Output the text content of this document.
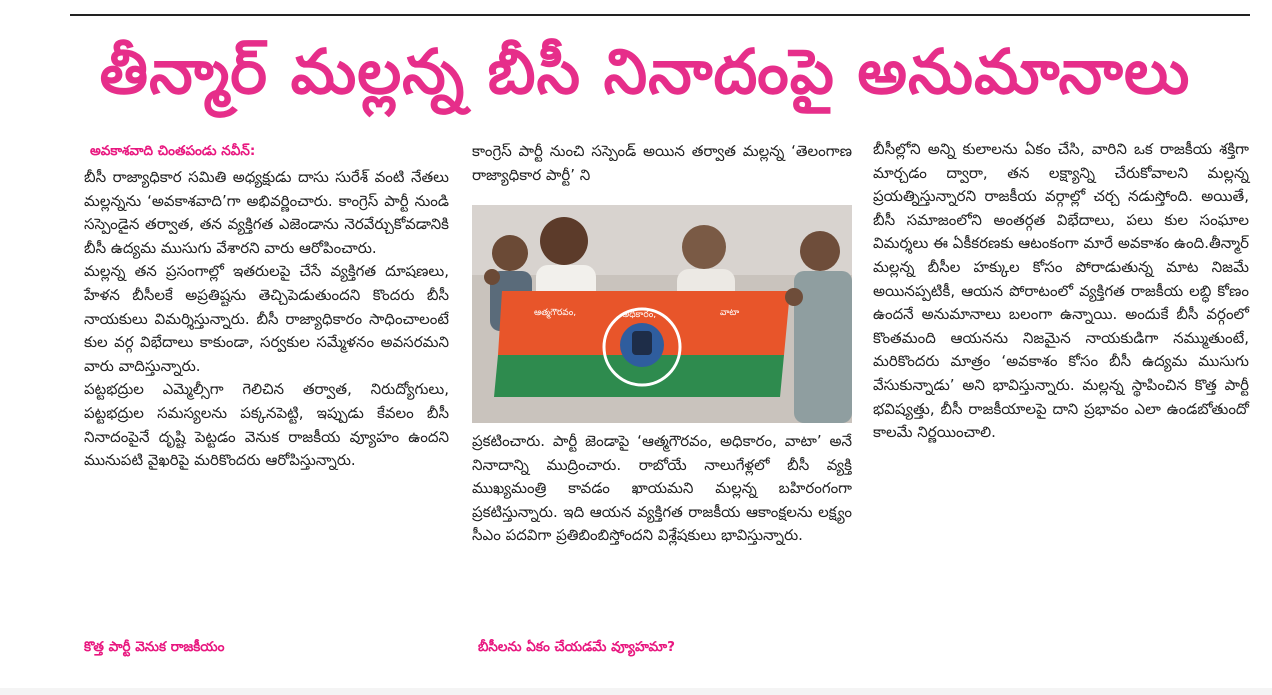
తీన్మార్ మల్లన్న బీసీ నినాదంపై అనుమానాలు
అవకాశవాది చింతపండు నవీన్:

బీసీ రాజ్యాధికార సమితి అధ్యక్షుడు దాసు సురేశ్ వంటి నేతలు మల్లన్నను ‘అవకాశవాది’గా అభివర్ణించారు. కాంగ్రెస్ పార్టీ నుండి సస్పెండైన తర్వాత, తన వ్యక్తిగత ఎజెండాను నెరవేర్చుకోవడానికి బీసీ ఉద్యమ ముసుగు వేశారని వారు ఆరోపించారు.

మల్లన్న తన ప్రసంగాల్లో ఇతరులపై చేసే వ్యక్తిగత దూషణలు, హేళన బీసీలకే అప్రతిష్టను తెచ్చిపెడుతుందని కొందరు బీసీ నాయకులు విమర్శిస్తున్నారు. బీసీ రాజ్యాధికారం సాధించాలంటే కుల వర్గ విభేదాలు కాకుండా, సర్వకుల సమ్మేళనం అవసరమని వారు వాదిస్తున్నారు.

పట్టభద్రుల ఎమ్మెల్సీగా గెలిచిన తర్వాత, నిరుద్యోగులు, పట్టభద్రుల సమస్యలను పక్కనపెట్టి, ఇప్పుడు కేవలం బీసీ నినాదంపైనే దృష్టి పెట్టడం వెనుక రాజకీయ వ్యూహం ఉందని మునుపటి వైఖరిపై మరికొందరు ఆరోపిస్తున్నారు.

కొత్త పార్టీ వెనుక రాజకీయం

కాంగ్రెస్ పార్టీ నుంచి సస్పెండ్ అయిన తర్వాత మల్లన్న ‘తెలంగాణ రాజ్యాధికార పార్టీ’ ని

ప్రకటించారు. పార్టీ జెండాపై ‘ఆత్మగౌరవం, అధికారం, వాటా’ అనే నినాదాన్ని ముద్రించారు. రాబోయే నాలుగేళ్లలో బీసీ వ్యక్తి ముఖ్యమంత్రి కావడం ఖాయమని మల్లన్న బహిరంగంగా ప్రకటిస్తున్నారు. ఇది ఆయన వ్యక్తిగత రాజకీయ ఆకాంక్షలను లక్ష్యం సీఎం పదవిగా ప్రతిబింబిస్తోందని విశ్లేషకులు భావిస్తున్నారు.

ఆత్మగౌరవం,	అధికారం,	వాటా
బీసీలను ఏకం చేయడమే వ్యూహమా?

బీసీల్లోని అన్ని కులాలను ఏకం చేసి, వారిని ఒక రాజకీయ శక్తిగా మార్చడం ద్వారా, తన లక్ష్యాన్ని చేరుకోవాలని మల్లన్న ప్రయత్నిస్తున్నారని రాజకీయ వర్గాల్లో చర్చ నడుస్తోంది. అయితే, బీసీ సమాజంలోని అంతర్గత విభేదాలు, పలు కుల సంఘాల విమర్శలు ఈ ఏకీకరణకు ఆటంకంగా మారే అవకాశం ఉంది.తీన్మార్ మల్లన్న బీసీల హక్కుల కోసం పోరాడుతున్న మాట నిజమే అయినప్పటికీ, ఆయన పోరాటంలో వ్యక్తిగత రాజకీయ లబ్ధి కోణం ఉందనే అనుమానాలు బలంగా ఉన్నాయి. అందుకే బీసీ వర్గంలో కొంతమంది ఆయనను నిజమైన నాయకుడిగా నమ్ముతుంటే, మరికొందరు మాత్రం ‘అవకాశం కోసం బీసీ ఉద్యమ ముసుగు వేసుకున్నాడు’ అని భావిస్తున్నారు. మల్లన్న స్థాపించిన కొత్త పార్టీ భవిష్యత్తు, బీసీ రాజకీయాలపై దాని ప్రభావం ఎలా ఉండబోతుందో కాలమే నిర్ణయించాలి.
